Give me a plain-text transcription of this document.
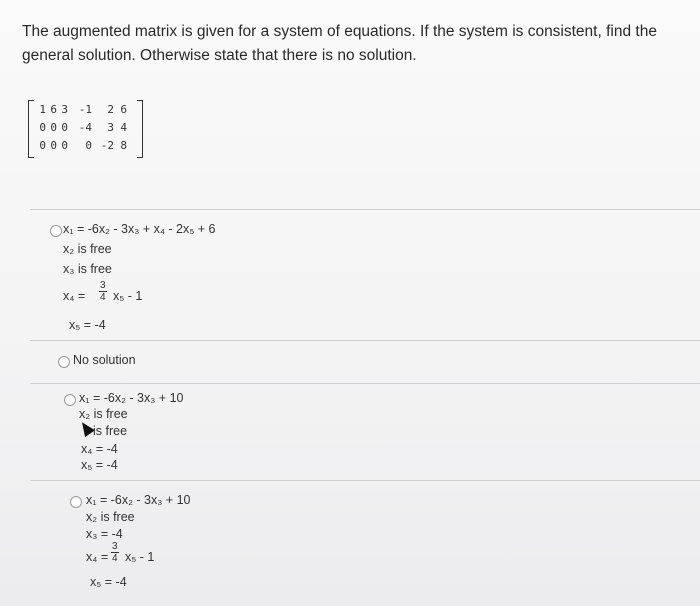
The augmented matrix is given for a system of equations. If the system is consistent, find the general solution. Otherwise state that there is no solution.
1 6 3 -1	2 6
0 0 0 -4	3 4
0 0 0	0 -2 8
x₁ = -6x₂ - 3x₃ + x₄ - 2x₅ + 6
x₂ is free
x₃ is free
$x_4 = \frac{3}{4} x_5 - 1$
x₅ = -4
No solution
x₁ = -6x₂ - 3x₃ + 10
x₂ is free
is free
x₄ = -4
x₅ = -4
x₁ = -6x₂ - 3x₃ + 10
x₂ is free
x₃ = -4
$x_4 = \frac{3}{4} x_5 - 1$
x₅ = -4
